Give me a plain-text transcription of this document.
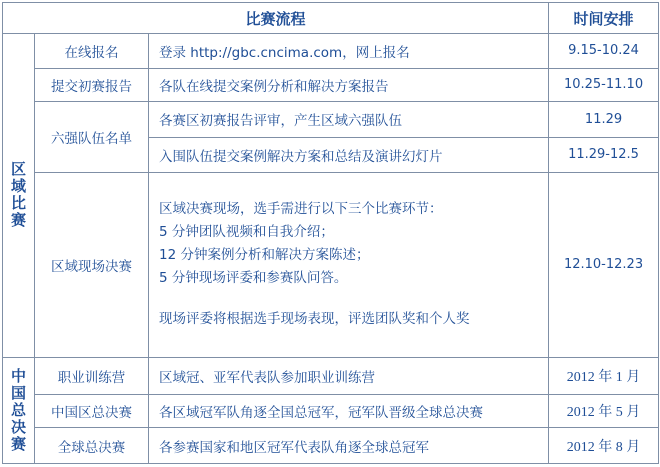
比赛流程			时间安排
区域比赛	在线报名	登录 http://gbc.cncima.com，网上报名	9.15-10.24
	提交初赛报告	各队在线提交案例分析和解决方案报告	10.25-11.10
	六强队伍名单	各赛区初赛报告评审，产生区域六强队伍	11.29
		入围队伍提交案例解决方案和总结及演讲幻灯片	11.29-12.5
	区域现场决赛	区域决赛现场，选手需进行以下三个比赛环节：
5 分钟团队视频和自我介绍；
12 分钟案例分析和解决方案陈述；
5 分钟现场评委和参赛队问答。
现场评委将根据选手现场表现，评选团队奖和个人奖	12.10-12.23
中国总决赛	职业训练营	区域冠、亚军代表队参加职业训练营	2012 年 1 月
	中国区总决赛	各区域冠军队角逐全国总冠军，冠军队晋级全球总决赛	2012 年 5 月
	全球总决赛	各参赛国家和地区冠军代表队角逐全球总冠军	2012 年 8 月
